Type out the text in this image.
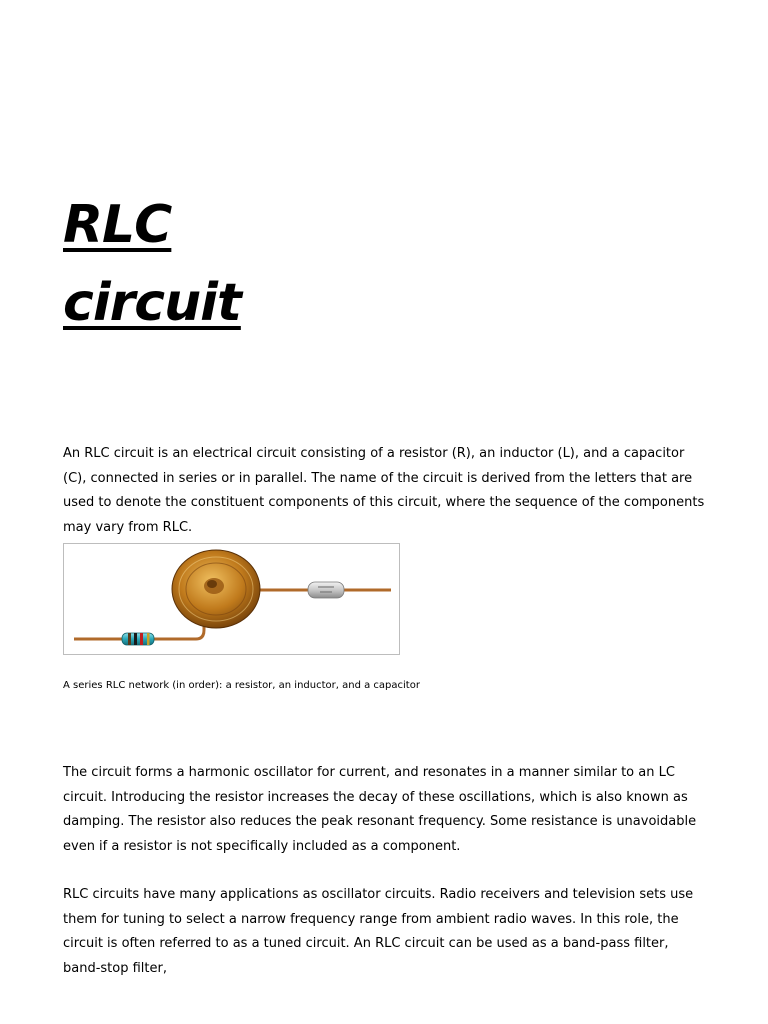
RLC
circuit

An RLC circuit is an electrical circuit consisting of a resistor (R), an inductor (L), and a capacitor (C), connected in series or in parallel. The name of the circuit is derived from the letters that are used to denote the constituent components of this circuit, where the sequence of the components may vary from RLC.

A series RLC network (in order): a resistor, an inductor, and a capacitor

The circuit forms a harmonic oscillator for current, and resonates in a manner similar to an LC circuit. Introducing the resistor increases the decay of these oscillations, which is also known as damping. The resistor also reduces the peak resonant frequency. Some resistance is unavoidable even if a resistor is not specifically included as a component.

RLC circuits have many applications as oscillator circuits. Radio receivers and television sets use them for tuning to select a narrow frequency range from ambient radio waves. In this role, the circuit is often referred to as a tuned circuit. An RLC circuit can be used as a band-pass filter, band-stop filter,
